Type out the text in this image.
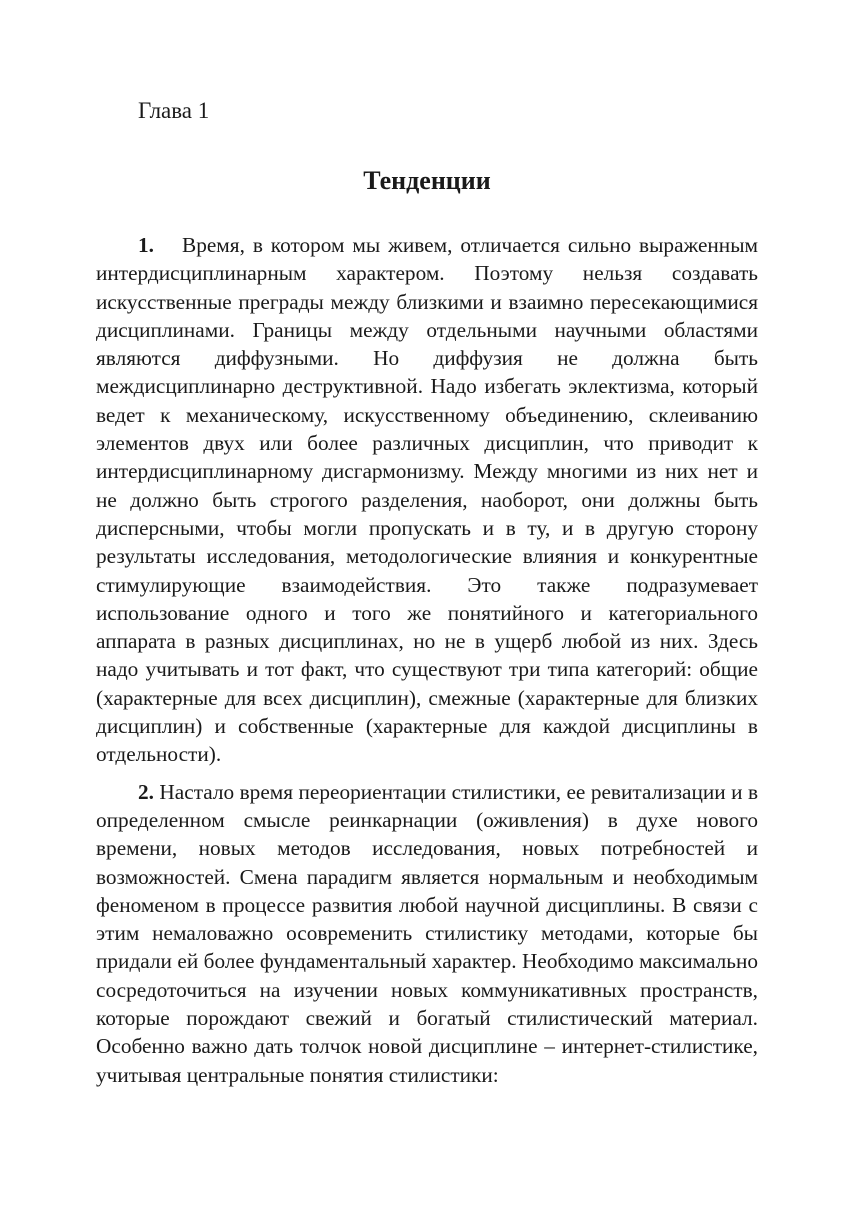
Глава 1
Тенденции

1. Время, в котором мы живем, отличается сильно выраженным интердисциплинарным характером. Поэтому нельзя создавать искусственные преграды между близкими и взаимно пересекающимися дисциплинами. Границы между отдельными научными областями являются диффузными. Но диффузия не должна быть междисциплинарно деструктивной. Надо избегать эклектизма, который ведет к механическому, искусственному объединению, склеиванию элементов двух или более различных дисциплин, что приводит к интердисциплинарному дисгармонизму. Между многими из них нет и не должно быть строгого разделения, наоборот, они должны быть дисперсными, чтобы могли пропускать и в ту, и в другую сторону результаты исследования, методологические влияния и конкурентные стимулирующие взаимодействия. Это также подразумевает использование одного и того же понятийного и категориального аппарата в разных дисциплинах, но не в ущерб любой из них. Здесь надо учитывать и тот факт, что существуют три типа категорий: общие (характерные для всех дисциплин), смежные (характерные для близких дисциплин) и собственные (характерные для каждой дисциплины в отдельности).

2. Настало время переориентации стилистики, ее ревитализации и в определенном смысле реинкарнации (оживления) в духе нового времени, новых методов исследования, новых потребностей и возможностей. Смена парадигм является нормальным и необходимым феноменом в процессе развития любой научной дисциплины. В связи с этим немаловажно осовременить стилистику методами, которые бы придали ей более фундаментальный характер. Необходимо максимально сосредоточиться на изучении новых коммуникативных пространств, которые порождают свежий и богатый стилистический материал. Особенно важно дать толчок новой дисциплине – интернет-стилистике, учитывая центральные понятия стилистики:
